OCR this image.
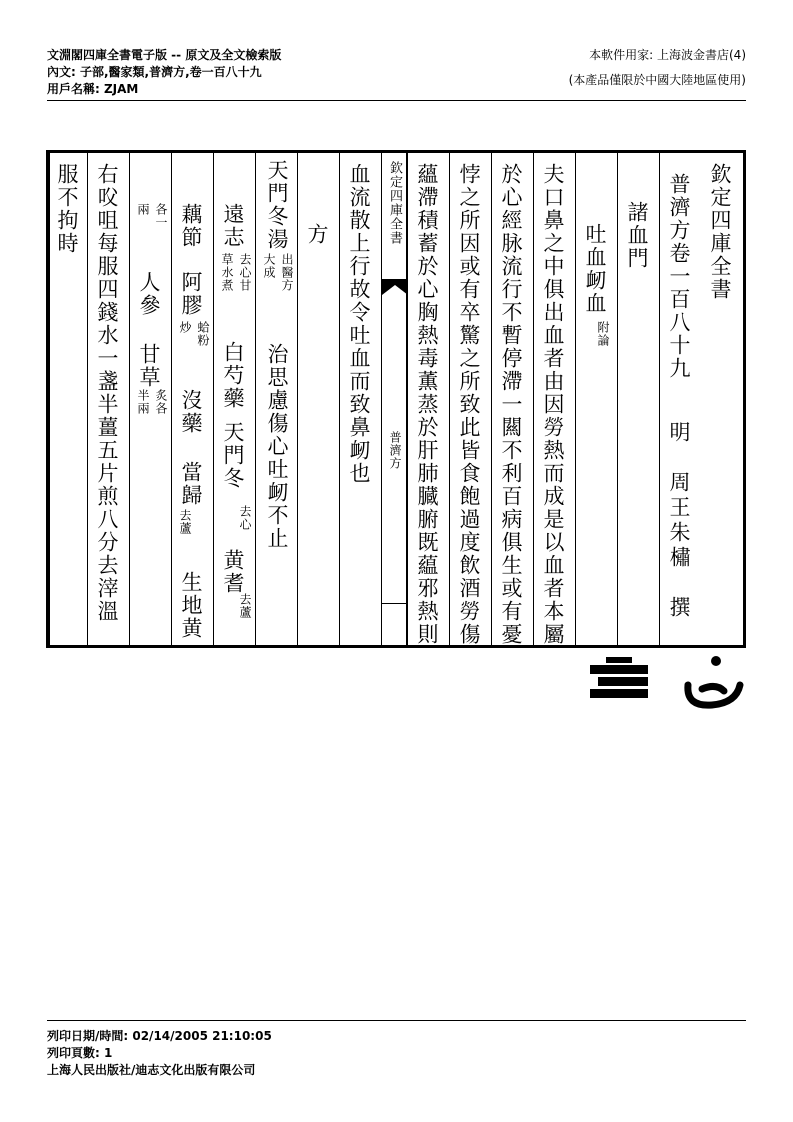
文淵閣四庫全書電子版 -- 原文及全文檢索版
內文: 子部,醫家類,普濟方,卷一百八十九
用戶名稱: ZJAM
本軟件用家: 上海波金書店(4)
(本產品僅限於中國大陸地區使用)
欽定四庫全書
普濟方卷一百八十九
明　周王朱橚　撰
諸血門
吐血衂血
附論
夫口鼻之中俱出血者由因勞熱而成是以血者本屬
於心經脉流行不暫停滯一闗不利百病俱生或有憂
悖之所因或有卒驚之所致此皆食飽過度飲酒勞傷
蘊滯積蓄於心胸熱毒薫蒸於肝肺臓腑既藴邪熱則
欽定四庫全書
普濟方
血流散上行故令吐血而致鼻衂也
方
天門冬湯
出醫方
大成
治思慮傷心吐衂不止
遠志
去心甘
草水煮
白芍藥
天門冬
去心
黄耆
去蘆
藕節
阿膠
蛤粉
炒
沒藥
當歸
去蘆
生地黄
各一
兩
人參
甘草
炙各
半兩
右㕮咀每服四錢水一盞半薑五片煎八分去滓溫
服不拘時
列印日期/時間: 02/14/2005 21:10:05
列印頁數: 1
上海人民出版社/迪志文化出版有限公司
